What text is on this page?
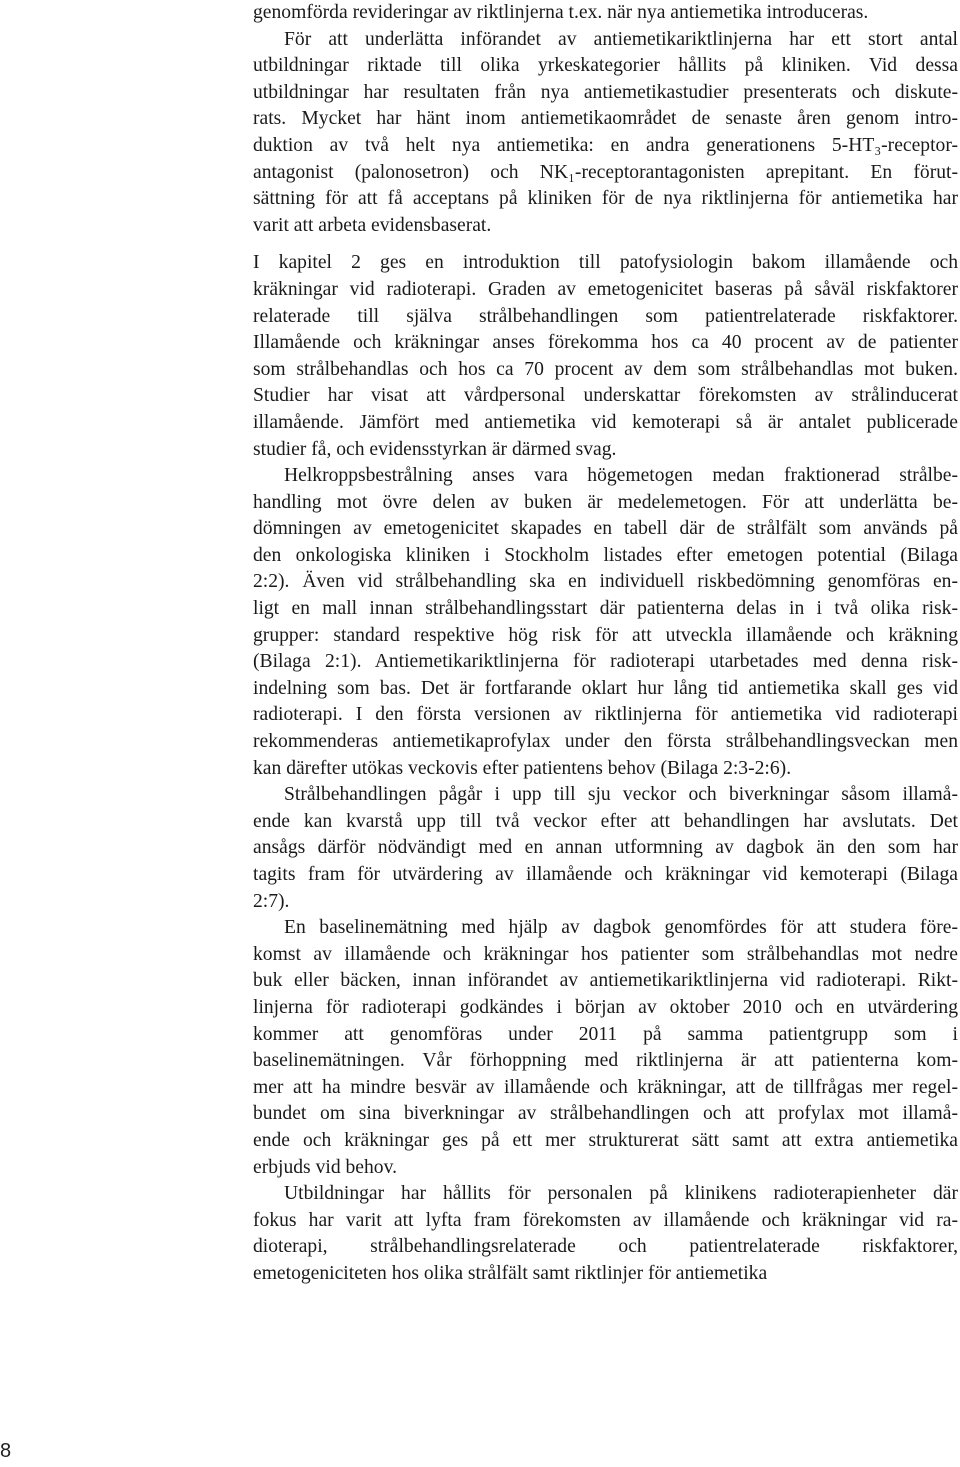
genomförda revideringar av riktlinjerna t.ex. när nya antiemetika introduceras.
För att underlätta införandet av antiemetikariktlinjerna har ett stort antal
utbildningar riktade till olika yrkeskategorier hållits på kliniken. Vid dessa
utbildningar har resultaten från nya antiemetikastudier presenterats och diskute-
rats. Mycket har hänt inom antiemetikaområdet de senaste åren genom intro-
duktion av två helt nya antiemetika: en andra generationens 5-HT₃-receptor-
antagonist (palonosetron) och NK₁-receptorantagonisten aprepitant. En förut-
sättning för att få acceptans på kliniken för de nya riktlinjerna för antiemetika har
varit att arbeta evidensbaserat.
I kapitel 2 ges en introduktion till patofysiologin bakom illamående och
kräkningar vid radioterapi. Graden av emetogenicitet baseras på såväl riskfaktorer
relaterade till själva strålbehandlingen som patientrelaterade riskfaktorer.
Illamående och kräkningar anses förekomma hos ca 40 procent av de patienter
som strålbehandlas och hos ca 70 procent av dem som strålbehandlas mot buken.
Studier har visat att vårdpersonal underskattar förekomsten av strålinducerat
illamående. Jämfört med antiemetika vid kemoterapi så är antalet publicerade
studier få, och evidensstyrkan är därmed svag.
Helkroppsbestrålning anses vara högemetogen medan fraktionerad strålbe-
handling mot övre delen av buken är medelemetogen. För att underlätta be-
dömningen av emetogenicitet skapades en tabell där de strålfält som används på
den onkologiska kliniken i Stockholm listades efter emetogen potential (Bilaga
2:2). Även vid strålbehandling ska en individuell riskbedömning genomföras en-
ligt en mall innan strålbehandlingsstart där patienterna delas in i två olika risk-
grupper: standard respektive hög risk för att utveckla illamående och kräkning
(Bilaga 2:1). Antiemetikariktlinjerna för radioterapi utarbetades med denna risk-
indelning som bas. Det är fortfarande oklart hur lång tid antiemetika skall ges vid
radioterapi. I den första versionen av riktlinjerna för antiemetika vid radioterapi
rekommenderas antiemetikaprofylax under den första strålbehandlingsveckan men
kan därefter utökas veckovis efter patientens behov (Bilaga 2:3-2:6).
Strålbehandlingen pågår i upp till sju veckor och biverkningar såsom illamå-
ende kan kvarstå upp till två veckor efter att behandlingen har avslutats. Det
ansågs därför nödvändigt med en annan utformning av dagbok än den som har
tagits fram för utvärdering av illamående och kräkningar vid kemoterapi (Bilaga
2:7).
En baselinemätning med hjälp av dagbok genomfördes för att studera före-
komst av illamående och kräkningar hos patienter som strålbehandlas mot nedre
buk eller bäcken, innan införandet av antiemetikariktlinjerna vid radioterapi. Rikt-
linjerna för radioterapi godkändes i början av oktober 2010 och en utvärdering
kommer att genomföras under 2011 på samma patientgrupp som i
baselinemätningen. Vår förhoppning med riktlinjerna är att patienterna kom-
mer att ha mindre besvär av illamående och kräkningar, att de tillfrågas mer regel-
bundet om sina biverkningar av strålbehandlingen och att profylax mot illamå-
ende och kräkningar ges på ett mer strukturerat sätt samt att extra antiemetika
erbjuds vid behov.
Utbildningar har hållits för personalen på klinikens radioterapienheter där
fokus har varit att lyfta fram förekomsten av illamående och kräkningar vid ra-
dioterapi, strålbehandlingsrelaterade och patientrelaterade riskfaktorer,
emetogeniciteten hos olika strålfält samt riktlinjer för antiemetika
8
